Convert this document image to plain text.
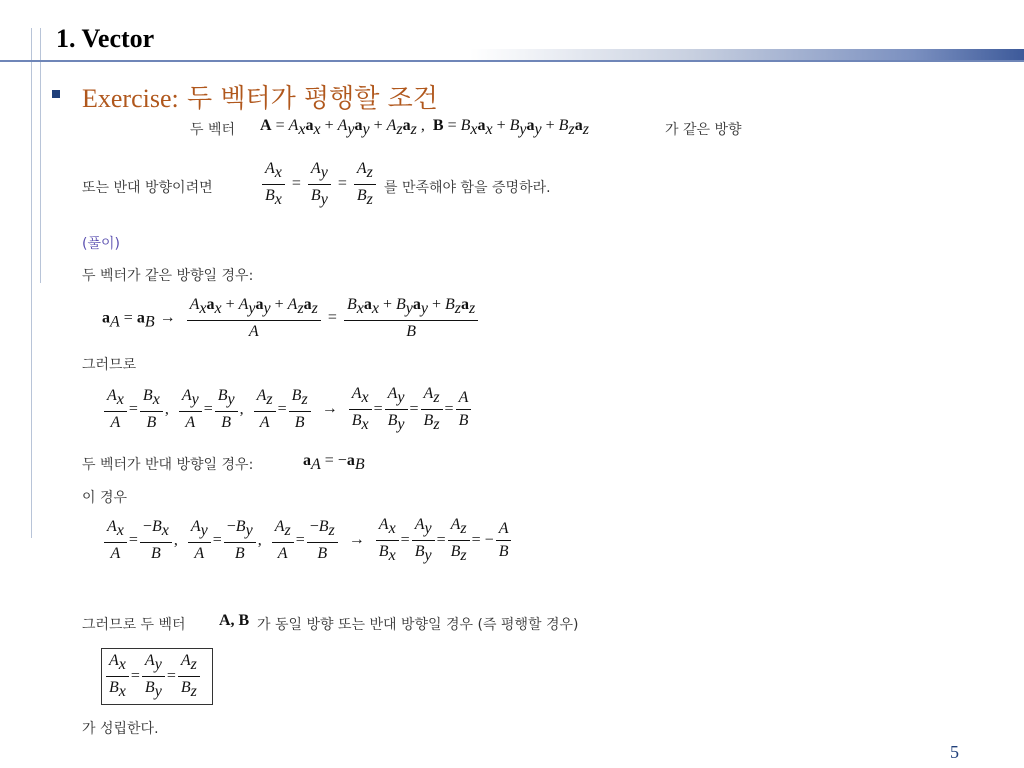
1. Vector
Exercise: 두 벡터가 평행할 조건
두 벡터 $A = A_xa_x + A_ya_y + A_za_z$ ,  $B = B_xa_x + B_ya_y + B_za_z$	가 같은 방향
또는 반대 방향이려면	$\frac{A_x}{B_x} = \frac{A_y}{B_y} = \frac{A_z}{B_z}$ 를 만족해야 함을 증명하라.
(풀이)
두 벡터가 같은 방향일 경우:
$a_A = a_B \to \frac{A_xa_x + A_ya_y + A_za_z}{A} = \frac{B_xa_x + B_ya_y + B_za_z}{B}$
그러므로
$\frac{A_x}{A} = \frac{B_x}{B}$ , $\frac{A_y}{A} = \frac{B_y}{B}$ , $\frac{A_z}{A} = \frac{B_z}{B} \to \frac{A_x}{B_x} = \frac{A_y}{B_y} = \frac{A_z}{B_z} = \frac{A}{B}$
두 벡터가 반대 방향일 경우:	$a_A = -a_B$
이 경우
$\frac{A_x}{A} = \frac{-B_x}{B}$ , $\frac{A_y}{A} = \frac{-B_y}{B}$ , $\frac{A_z}{A} = \frac{-B_z}{B} \to \frac{A_x}{B_x} = \frac{A_y}{B_y} = \frac{A_z}{B_z}$ = − $\frac{A}{B}$
그러므로 두 벡터 A, B 가 동일 방향 또는 반대 방향일 경우 (즉 평행할 경우)
$\frac{A_x}{B_x} = \frac{A_y}{B_y} = \frac{A_z}{B_z}$
가 성립한다.
5
